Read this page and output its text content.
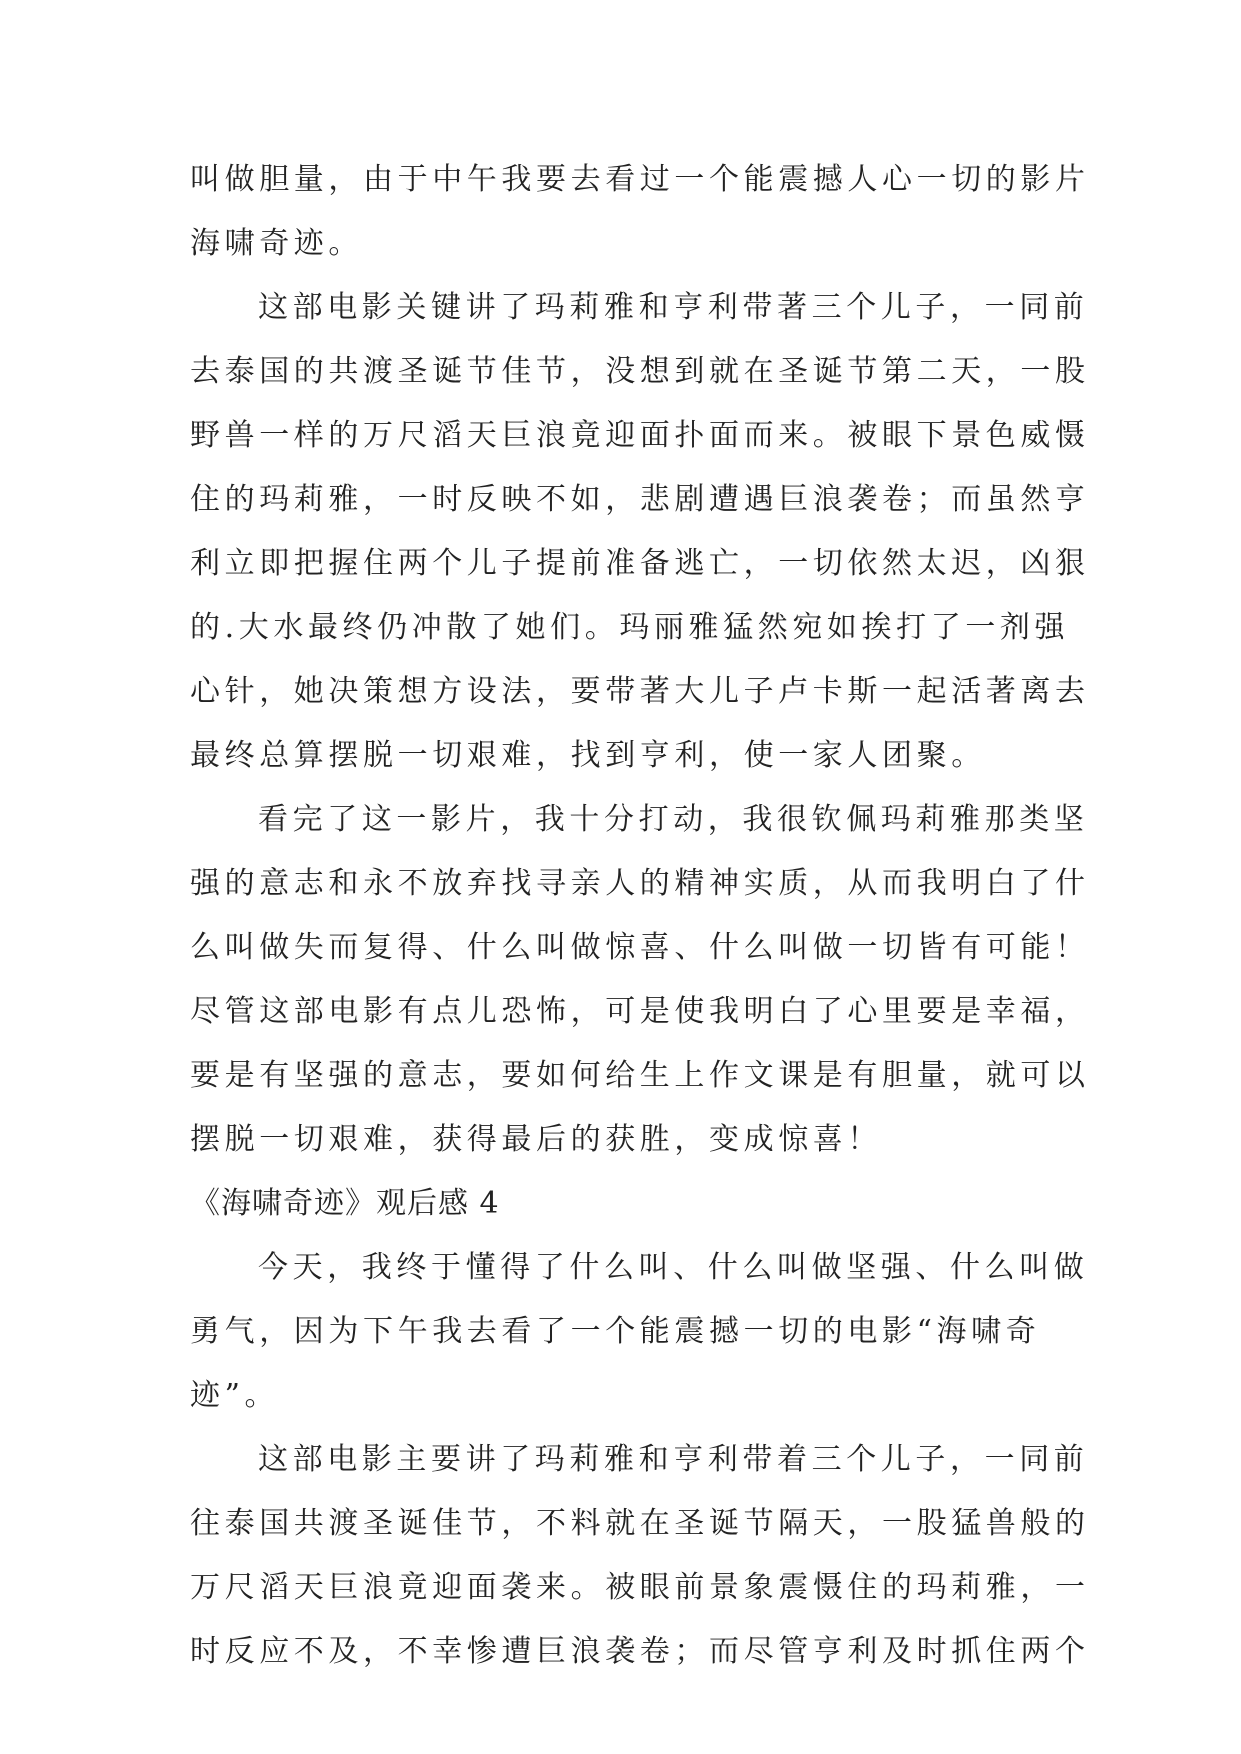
叫做胆量，由于中午我要去看过一个能震撼人心一切的影片
海啸奇迹。
这部电影关键讲了玛莉雅和亨利带著三个儿子，一同前
去泰国的共渡圣诞节佳节，没想到就在圣诞节第二天，一股
野兽一样的万尺滔天巨浪竟迎面扑面而来。被眼下景色威慑
住的玛莉雅，一时反映不如，悲剧遭遇巨浪袭卷；而虽然亨
利立即把握住两个儿子提前准备逃亡，一切依然太迟，凶狠
的.大水最终仍冲散了她们。玛丽雅猛然宛如挨打了一剂强
心针，她决策想方设法，要带著大儿子卢卡斯一起活著离去
最终总算摆脱一切艰难，找到亨利，使一家人团聚。
看完了这一影片，我十分打动，我很钦佩玛莉雅那类坚
强的意志和永不放弃找寻亲人的精神实质，从而我明白了什
么叫做失而复得、什么叫做惊喜、什么叫做一切皆有可能！
尽管这部电影有点儿恐怖，可是使我明白了心里要是幸福，
要是有坚强的意志，要如何给生上作文课是有胆量，就可以
摆脱一切艰难，获得最后的获胜，变成惊喜！
《海啸奇迹》观后感 4
今天，我终于懂得了什么叫、什么叫做坚强、什么叫做
勇气，因为下午我去看了一个能震撼一切的电影“海啸奇
迹”。
这部电影主要讲了玛莉雅和亨利带着三个儿子，一同前
往泰国共渡圣诞佳节，不料就在圣诞节隔天，一股猛兽般的
万尺滔天巨浪竟迎面袭来。被眼前景象震慑住的玛莉雅，一
时反应不及，不幸惨遭巨浪袭卷；而尽管亨利及时抓住两个
